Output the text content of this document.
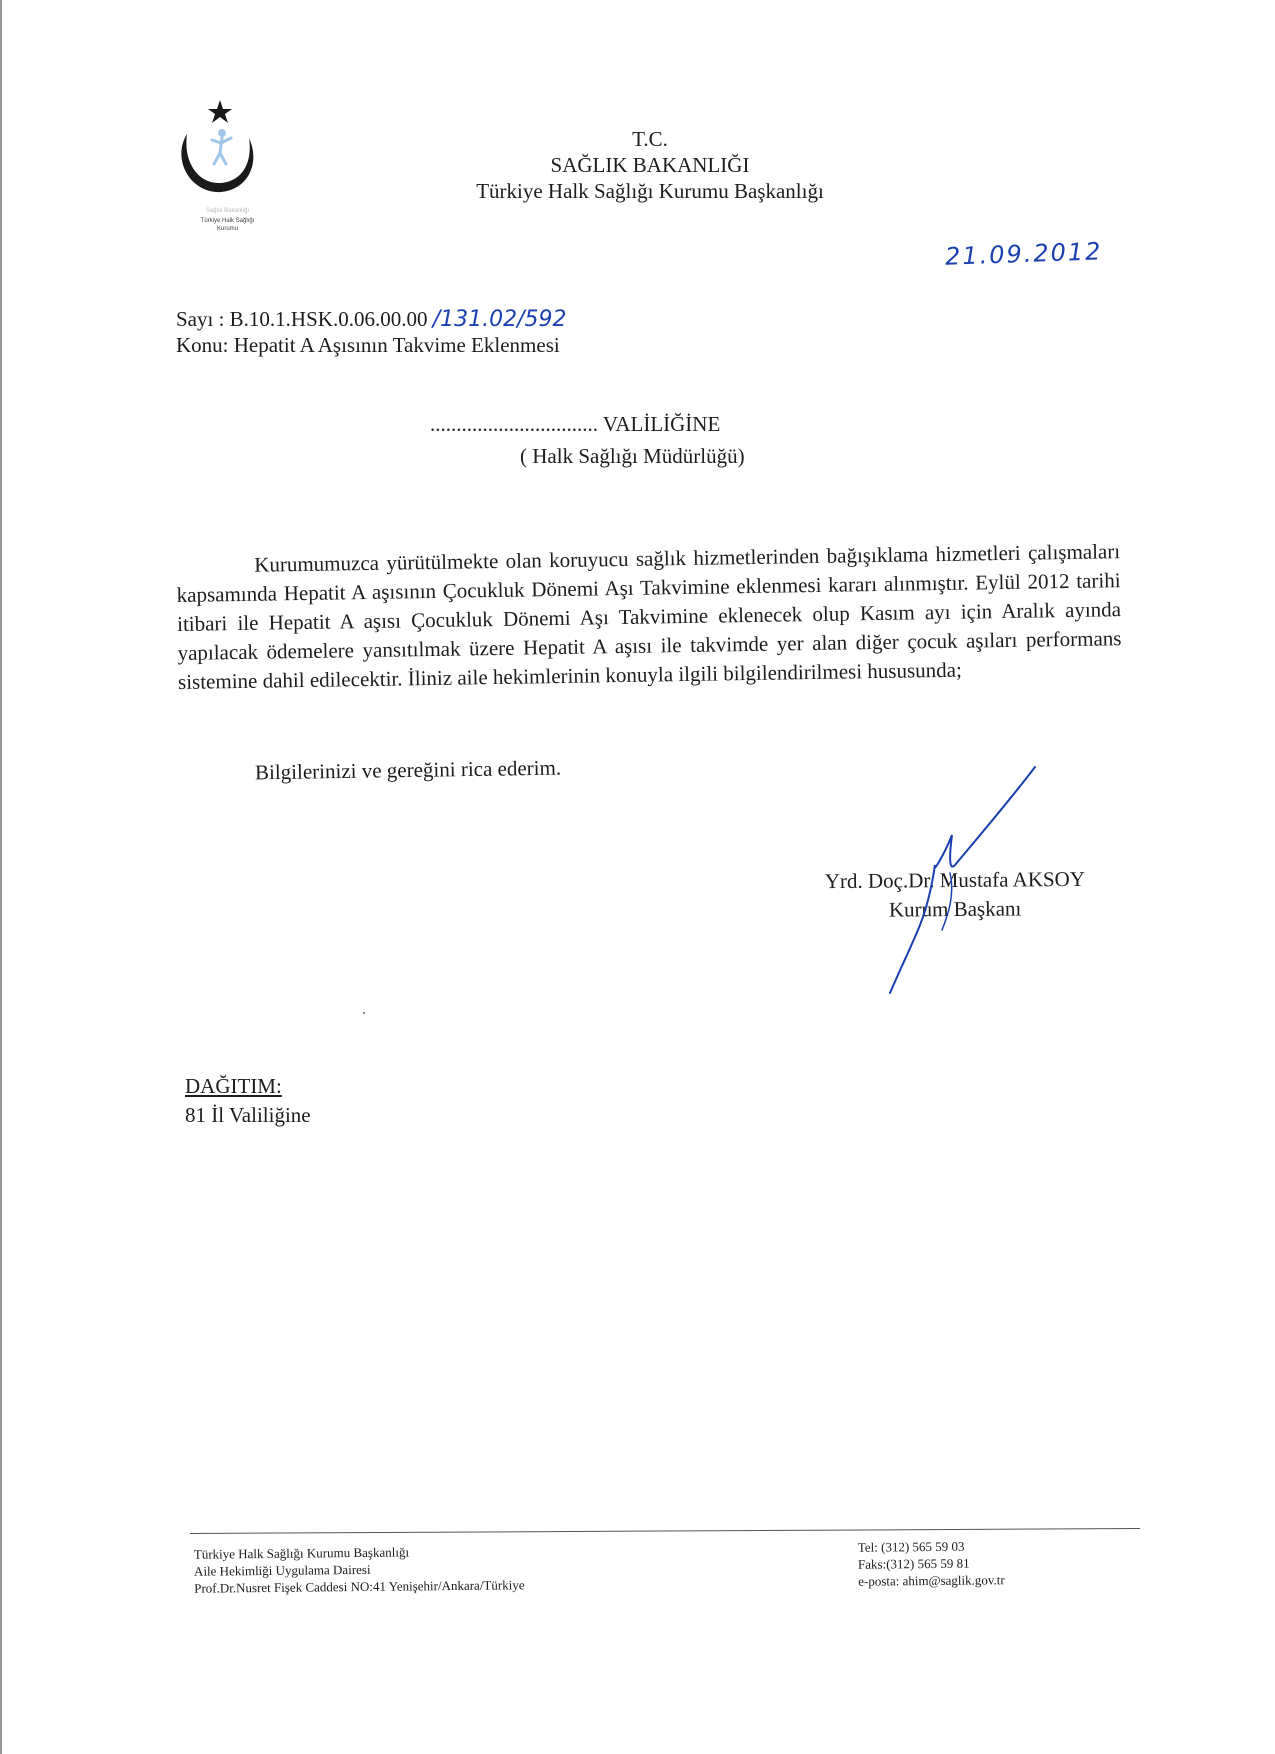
Sağlık Bakanlığı
Türkiye Halk Sağlığı
Kurumu
T.C.
SAĞLIK BAKANLIĞI
Türkiye Halk Sağlığı Kurumu Başkanlığı
21.09.2012
Sayı : B.10.1.HSK.0.06.00.00 /131.02/592
Konu: Hepatit A Aşısının Takvime Eklenmesi
................................ VALİLİĞİNE
( Halk Sağlığı Müdürlüğü)
Kurumumuzca yürütülmekte olan koruyucu sağlık hizmetlerinden bağışıklama hizmetleri çalışmaları kapsamında Hepatit A aşısının Çocukluk Dönemi Aşı Takvimine eklenmesi kararı alınmıştır. Eylül 2012 tarihi itibari ile Hepatit A aşısı Çocukluk Dönemi Aşı Takvimine eklenecek olup Kasım ayı için Aralık ayında yapılacak ödemelere yansıtılmak üzere Hepatit A aşısı ile takvimde yer alan diğer çocuk aşıları performans sistemine dahil edilecektir. İliniz aile hekimlerinin konuyla ilgili bilgilendirilmesi hususunda;
Bilgilerinizi ve gereğini rica ederim.
Yrd. Doç.Dr. Mustafa AKSOY
Kurum Başkanı
DAĞITIM:
81 İl Valiliğine
Türkiye Halk Sağlığı Kurumu Başkanlığı
Aile Hekimliği Uygulama Dairesi
Prof.Dr.Nusret Fişek Caddesi NO:41 Yenişehir/Ankara/Türkiye
Tel: (312) 565 59 03
Faks:(312) 565 59 81
e-posta: ahim@saglik.gov.tr
